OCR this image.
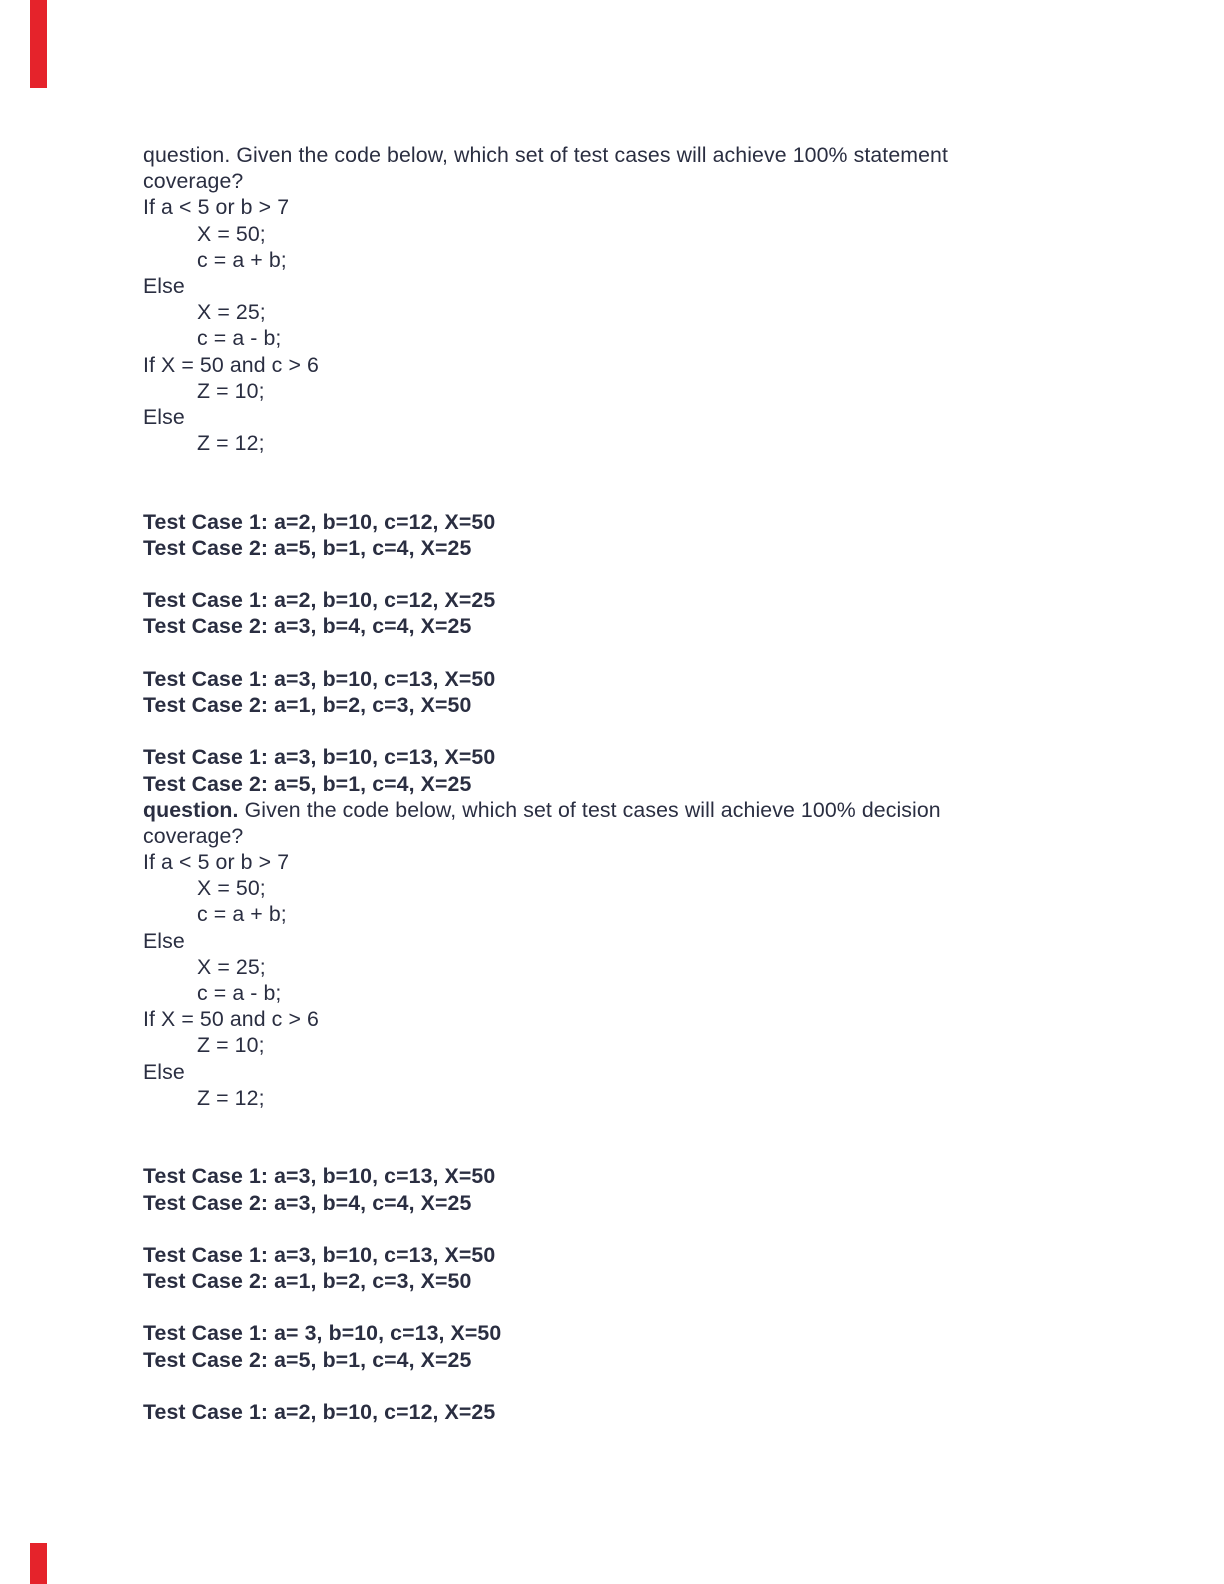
question. Given the code below, which set of test cases will achieve 100% statement
coverage?
If a < 5 or b > 7
X = 50;
c = a + b;
Else
X = 25;
c = a - b;
If X = 50 and c > 6
Z = 10;
Else
Z = 12;

Test Case 1: a=2, b=10, c=12, X=50
Test Case 2: a=5, b=1, c=4, X=25

Test Case 1: a=2, b=10, c=12, X=25
Test Case 2: a=3, b=4, c=4, X=25

Test Case 1: a=3, b=10, c=13, X=50
Test Case 2: a=1, b=2, c=3, X=50

Test Case 1: a=3, b=10, c=13, X=50
Test Case 2: a=5, b=1, c=4, X=25
question. Given the code below, which set of test cases will achieve 100% decision
coverage?
If a < 5 or b > 7
X = 50;
c = a + b;
Else
X = 25;
c = a - b;
If X = 50 and c > 6
Z = 10;
Else
Z = 12;

Test Case 1: a=3, b=10, c=13, X=50
Test Case 2: a=3, b=4, c=4, X=25

Test Case 1: a=3, b=10, c=13, X=50
Test Case 2: a=1, b=2, c=3, X=50

Test Case 1: a= 3, b=10, c=13, X=50
Test Case 2: a=5, b=1, c=4, X=25

Test Case 1: a=2, b=10, c=12, X=25
